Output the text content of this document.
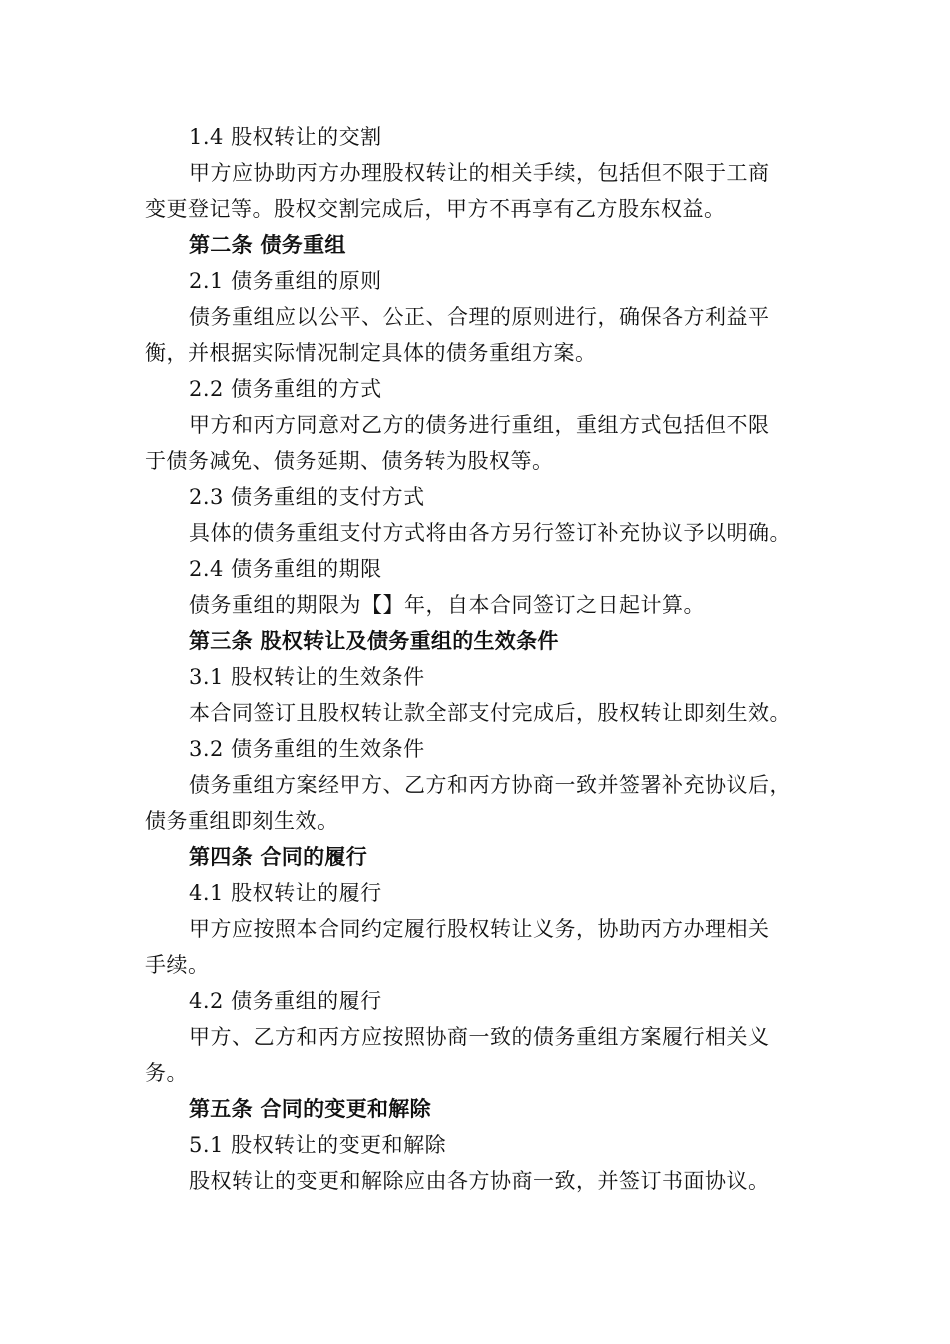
1.4 股权转让的交割
甲方应协助丙方办理股权转让的相关手续，包括但不限于工商
变更登记等。股权交割完成后，甲方不再享有乙方股东权益。
第二条 债务重组
2.1 债务重组的原则
债务重组应以公平、公正、合理的原则进行，确保各方利益平
衡，并根据实际情况制定具体的债务重组方案。
2.2 债务重组的方式
甲方和丙方同意对乙方的债务进行重组，重组方式包括但不限
于债务减免、债务延期、债务转为股权等。
2.3 债务重组的支付方式
具体的债务重组支付方式将由各方另行签订补充协议予以明确。
2.4 债务重组的期限
债务重组的期限为【】年，自本合同签订之日起计算。
第三条 股权转让及债务重组的生效条件
3.1 股权转让的生效条件
本合同签订且股权转让款全部支付完成后，股权转让即刻生效。
3.2 债务重组的生效条件
债务重组方案经甲方、乙方和丙方协商一致并签署补充协议后，
债务重组即刻生效。
第四条 合同的履行
4.1 股权转让的履行
甲方应按照本合同约定履行股权转让义务，协助丙方办理相关
手续。
4.2 债务重组的履行
甲方、乙方和丙方应按照协商一致的债务重组方案履行相关义
务。
第五条 合同的变更和解除
5.1 股权转让的变更和解除
股权转让的变更和解除应由各方协商一致，并签订书面协议。
